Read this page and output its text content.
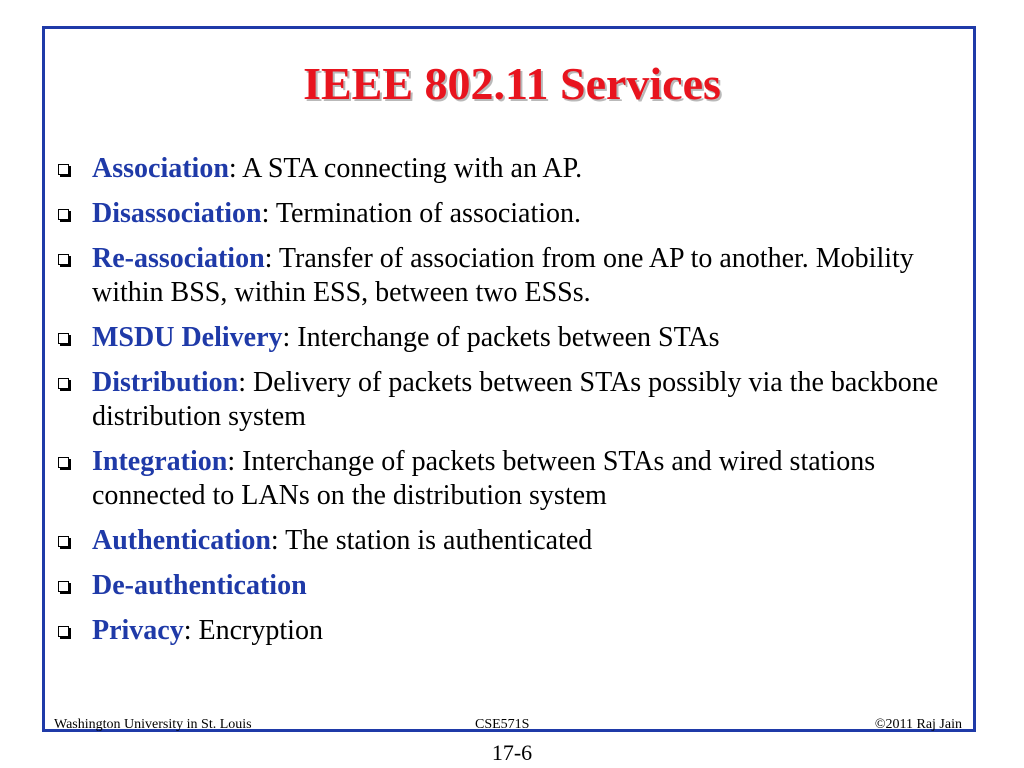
IEEE 802.11 Services
Association: A STA connecting with an AP.
Disassociation: Termination of association.
Re-association: Transfer of association from one AP to another. Mobility within BSS, within ESS, between two ESSs.
MSDU Delivery: Interchange of packets between STAs
Distribution: Delivery of packets between STAs possibly via the backbone distribution system
Integration: Interchange of packets between STAs and wired stations connected to LANs on the distribution system
Authentication: The station is authenticated
De-authentication
Privacy: Encryption
Washington University in St. Louis	CSE571S	©2011 Raj Jain
17-6
